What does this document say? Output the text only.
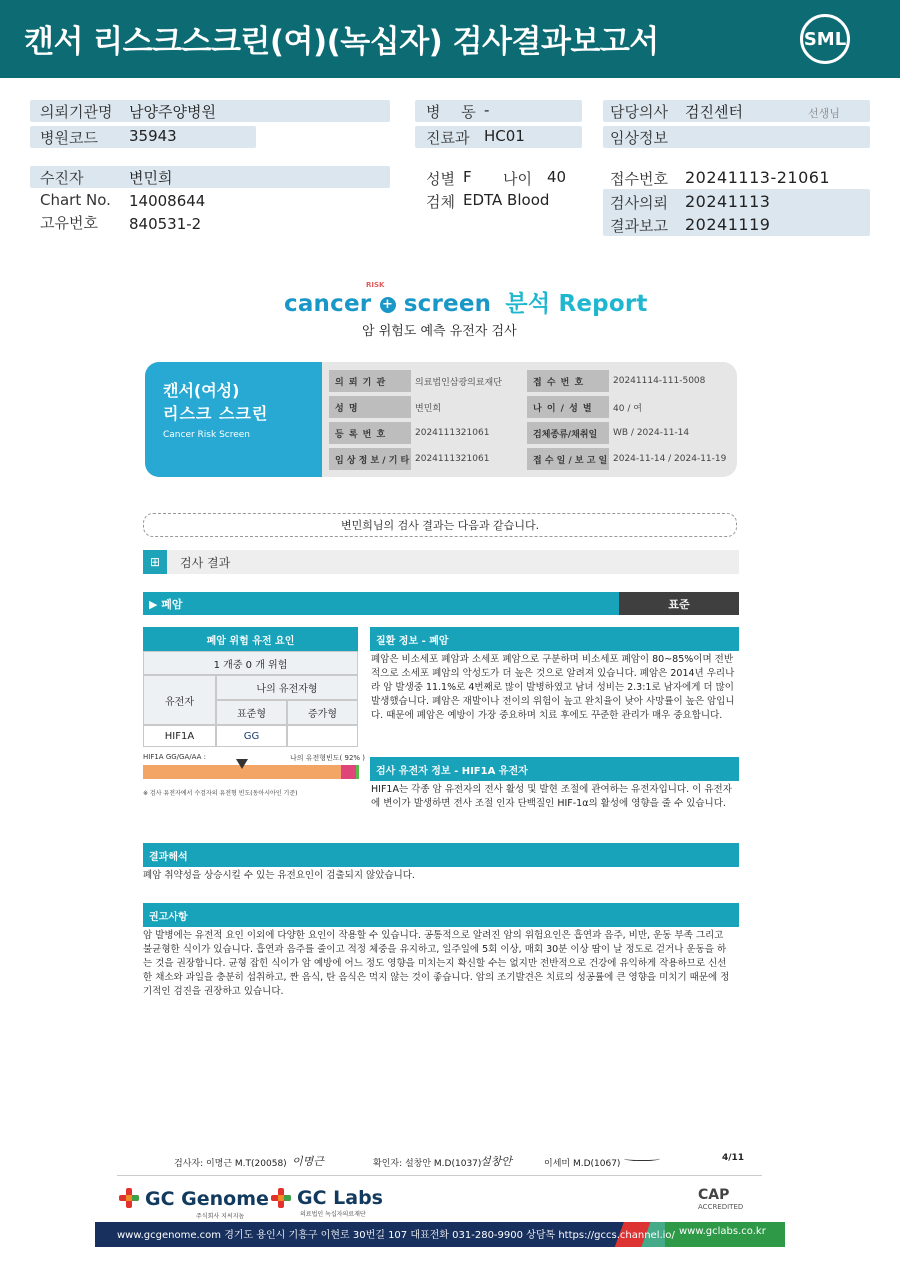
캔서 리스크스크린(여)(녹십자) 검사결과보고서	SML
의뢰기관명 남양주양병원
병원코드 35943
병 동 -
진료과 HC01
담당의사 검진센터	선생님
임상정보
수진자	변민희
Chart No. 14008644
고유번호 840531-2
성별 F 나이 40
검체 EDTA Blood
접수번호 20241113-21061
검사의뢰 20241113
결과보고 20241119
cancer + screen 분석 Report
RISK
암 위험도 예측 유전자 검사
캔서(여성)
리스크 스크린
Cancer Risk Screen
의 뢰 기 관	의료법인삼광의료재단	접 수 번 호	20241114-111-5008
성 명	변민희	나 이 / 성 별	40 / 여
등 록 번 호	2024111321061	검체종류/채취일	WB / 2024-11-14
임 상 정 보 / 기 타 2024111321061	접 수 일 / 보 고 일 2024-11-14 / 2024-11-19
변민희님의 검사 결과는 다음과 같습니다.
⊞	검사 결과
▶ 폐암	표준
폐암 위험 유전 요인
1 개중 0 개 위험
유전자
나의 유전자형
표준형	증가형
HIF1A	GG
HIF1A GG/GA/AA :	나의 유전형빈도( 92% )
※ 검사 유전자에서 수검자의 유전형 빈도(동아시아인 기준)
질환 정보 - 폐암
폐암은 비소세포 폐암과 소세포 폐암으로 구분하며 비소세포 폐암이 80~85%이며 전반적으로 소세포 폐암의 악성도가 더 높은 것으로 알려져 있습니다. 폐암은 2014년 우리나라 암 발생중 11.1%로 4번째로 많이 발병하였고 남녀 성비는 2.3:1로 남자에게 더 많이 발생했습니다. 폐암은 재발이나 전이의 위험이 높고 완치율이 낮아 사망률이 높은 암입니다. 때문에 폐암은 예방이 가장 중요하며 치료 후에도 꾸준한 관리가 매우 중요합니다.
검사 유전자 정보 - HIF1A 유전자
HIF1A는 각종 암 유전자의 전사 활성 및 발현 조절에 관여하는 유전자입니다. 이 유전자에 변이가 발생하면 전사 조절 인자 단백질인 HIF-1α의 활성에 영향을 줄 수 있습니다.
결과해석
폐암 취약성을 상승시킬 수 있는 유전요인이 검출되지 않았습니다.
권고사항
암 발병에는 유전적 요인 이외에 다양한 요인이 작용할 수 있습니다. 공통적으로 알려진 암의 위험요인은 흡연과 음주, 비만, 운동 부족 그리고 불균형한 식이가 있습니다. 흡연과 음주를 줄이고 적정 체중을 유지하고, 일주일에 5회 이상, 매회 30분 이상 땀이 날 정도로 걷거나 운동을 하는 것을 권장합니다. 균형 잡힌 식이가 암 예방에 어느 정도 영향을 미치는지 확신할 수는 없지만 전반적으로 건강에 유익하게 작용하므로 신선한 채소와 과일을 충분히 섭취하고, 짠 음식, 탄 음식은 먹지 않는 것이 좋습니다. 암의 조기발견은 치료의 성공률에 큰 영향을 미치기 때문에 정기적인 검진을 권장하고 있습니다.
검사자: 이명근 M.T(20058) 이명근	확인자: 설창안 M.D(1037)
설창안	이세미 M.D(1067)
4/11
GC Genome
주식회사 지씨지놈
GC Labs
의료법인 녹십자의료재단
CAP
ACCREDITED
www.gcgenome.com 경기도 용인시 기흥구 이현로 30번길 107 대표전화 031-280-9900 상담톡 https://gccs.channel.io/ www.gclabs.co.kr
